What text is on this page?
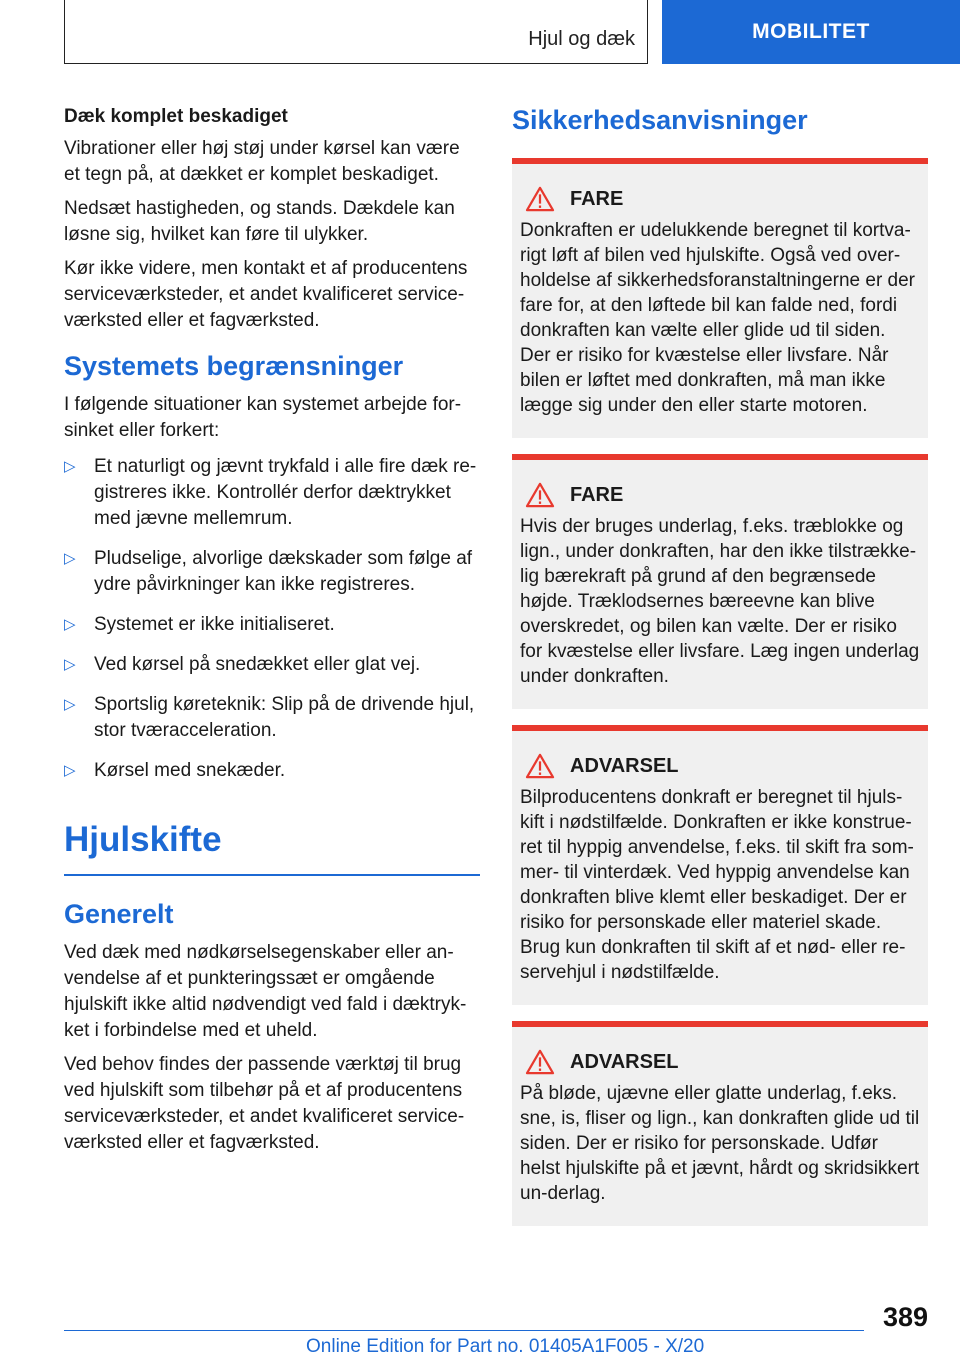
Hjul og dæk	MOBILITET
Dæk komplet beskadiget

Vibrationer eller høj støj under kørsel kan være et tegn på, at dækket er komplet beskadiget.

Nedsæt hastigheden, og stands. Dækdele kan løsne sig, hvilket kan føre til ulykker.

Kør ikke videre, men kontakt et af producentens serviceværksteder, et andet kvalificeret service-værksted eller et fagværksted.

Systemets begrænsninger

I følgende situationer kan systemet arbejde for-sinket eller forkert:

▷ Et naturligt og jævnt trykfald i alle fire dæk re-gistreres ikke. Kontrollér derfor dæktrykket med jævne mellemrum.
▷ Pludselige, alvorlige dækskader som følge af ydre påvirkninger kan ikke registreres.
▷ Systemet er ikke initialiseret.
▷ Ved kørsel på snedækket eller glat vej.
▷ Sportslig køreteknik: Slip på de drivende hjul, stor tværacceleration.
▷ Kørsel med snekæder.
Hjulskifte
Generelt

Ved dæk med nødkørselsegenskaber eller an-vendelse af et punkteringssæt er omgående hjulskift ikke altid nødvendigt ved fald i dæktryk-ket i forbindelse med et uheld.

Ved behov findes der passende værktøj til brug ved hjulskift som tilbehør på et af producentens serviceværksteder, et andet kvalificeret service-værksted eller et fagværksted.

Sikkerhedsanvisninger
FARE

Donkraften er udelukkende beregnet til kortva-rigt løft af bilen ved hjulskifte. Også ved over-holdelse af sikkerhedsforanstaltningerne er der fare for, at den løftede bil kan falde ned, fordi donkraften kan vælte eller glide ud til siden. Der er risiko for kvæstelse eller livsfare. Når bilen er løftet med donkraften, må man ikke lægge sig under den eller starte motoren.

FARE

Hvis der bruges underlag, f.eks. træblokke og lign., under donkraften, har den ikke tilstrække-lig bærekraft på grund af den begrænsede højde. Træklodsernes bæreevne kan blive overskredet, og bilen kan vælte. Der er risiko for kvæstelse eller livsfare. Læg ingen underlag under donkraften.

ADVARSEL

Bilproducentens donkraft er beregnet til hjuls-kift i nødstilfælde. Donkraften er ikke konstrue-ret til hyppig anvendelse, f.eks. til skift fra som-mer- til vinterdæk. Ved hyppig anvendelse kan donkraften blive klemt eller beskadiget. Der er risiko for personskade eller materiel skade. Brug kun donkraften til skift af et nød- eller re-servehjul i nødstilfælde.

ADVARSEL

På bløde, ujævne eller glatte underlag, f.eks. sne, is, fliser og lign., kan donkraften glide ud til siden. Der er risiko for personskade. Udfør helst hjulskifte på et jævnt, hårdt og skridsikkert un-derlag.

389
Online Edition for Part no. 01405A1F005 - X/20
